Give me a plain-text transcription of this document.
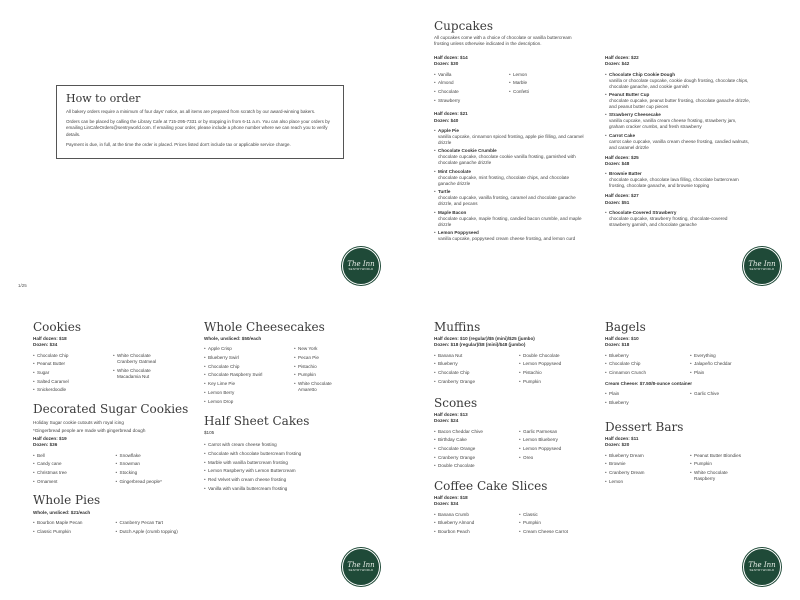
How to order

All bakery orders require a minimum of four days' notice, as all items are prepared from scratch by our award-winning bakers.

Orders can be placed by calling the Library Cafe at 715-295-7331 or by stopping in from 6-11 a.m. You can also place your orders by emailing LinCafeOrders@sentryworld.com. If emailing your order, please include a phone number where we can reach you to verify details.

Payment is due, in full, at the time the order is placed. Prices listed don't include tax or applicable service charge.

1/25
The Inn
SENTRYWORLD
The Inn
SENTRYWORLD
The Inn
SENTRYWORLD
The Inn
SENTRYWORLD
Cupcakes
All cupcakes come with a choice of chocolate or vanilla buttercream frosting unless otherwise indicated in the description.
Half dozen: $14
Dozen: $30
• Vanilla
• Almond
• Chocolate
• Strawberry
• Lemon
• Marble
• Confetti
Half dozen: $21
Dozen: $40
• Apple Pie
vanilla cupcake, cinnamon spiced frosting, apple pie filling, and caramel drizzle
• Chocolate Cookie Crumble
chocolate cupcake, chocolate cookie vanilla frosting, garnished with chocolate ganache drizzle
• Mint Chocolate
chocolate cupcake, mint frosting, chocolate chips, and chocolate ganache drizzle
• Turtle
chocolate cupcake, vanilla frosting, caramel and chocolate ganache drizzle, and pecans
• Maple Bacon
chocolate cupcake, maple frosting, candied bacon crumble, and maple drizzle
• Lemon Poppyseed
vanilla cupcake, poppyseed cream cheese frosting, and lemon curd
Half dozen: $22
Dozen: $42
• Chocolate Chip Cookie Dough
vanilla or chocolate cupcake, cookie dough frosting, chocolate chips, chocolate ganache, and cookie garnish
• Peanut Butter Cup
chocolate cupcake, peanut butter frosting, chocolate ganache drizzle, and peanut butter cup pieces
• Strawberry Cheesecake
vanilla cupcake, vanilla cream cheese frosting, strawberry jam, graham cracker crumbs, and fresh strawberry
• Carrot Cake
carrot cake cupcake, vanilla cream cheese frosting, candied walnuts, and caramel drizzle
Half dozen: $25
Dozen: $48
• Brownie Batter
chocolate cupcake, chocolate lava filling, chocolate buttercream frosting, chocolate ganache, and brownie topping
Half dozen: $27
Dozen: $51
• Chocolate-Covered Strawberry
chocolate cupcake, strawberry frosting, chocolate-covered strawberry garnish, and chocolate ganache
Cookies
Half dozen: $18
Dozen: $34
• Chocolate Chip
• Peanut Butter
• Sugar
• Salted Caramel
• Snickerdoodle
• White Chocolate Cranberry Oatmeal
• White Chocolate Macadamia Nut
Decorated Sugar Cookies
Holiday Sugar cookie cutouts with royal icing
*Gingerbread people are made with gingerbread dough
Half dozen: $19
Dozen: $36
• Bell
• Candy cane
• Christmas tree
• Ornament
• Snowflake
• Snowman
• Stocking
• Gingerbread people*
Whole Pies
Whole, unsliced: $21/each
• Bourbon Maple Pecan
• Classic Pumpkin
• Cranberry Pecan Tart
• Dutch Apple (crumb topping)
Whole Cheesecakes
Whole, unsliced: $50/each
• Apple Crisp
• Blueberry Swirl
• Chocolate Chip
• Chocolate Raspberry Swirl
• Key Lime Pie
• Lemon Berry
• Lemon Drop
• New York
• Pecan Pie
• Pistachio
• Pumpkin
• White Chocolate Amaretto
Half Sheet Cakes
$105
• Carrot with cream cheese frosting
• Chocolate with chocolate buttercream frosting
• Marble with vanilla buttercream frosting
• Lemon Raspberry with Lemon Buttercream
• Red Velvet with cream cheese frosting
• Vanilla with vanilla buttercream frosting
Muffins
Half dozen: $10 (regular)/$5 (mini)/$25 (jumbo)
Dozen: $18 (regular)/$8 (mini)/$48 (jumbo)
• Banana Nut
• Blueberry
• Chocolate Chip
• Cranberry Orange
• Double Chocolate
• Lemon Poppyseed
• Pistachio
• Pumpkin
Scones
Half dozen: $13
Dozen: $24
• Bacon Cheddar Chive
• Birthday Cake
• Chocolate Orange
• Cranberry Orange
• Double Chocolate
• Garlic Parmesan
• Lemon Blueberry
• Lemon Poppyseed
• Oreo
Coffee Cake Slices
Half dozen: $18
Dozen: $34
• Banana Crumb
• Blueberry Almond
• Bourbon Peach
• Classic
• Pumpkin
• Cream Cheese Carrot
Bagels
Half dozen: $10
Dozen: $18
• Blueberry
• Chocolate Chip
• Cinnamon Crunch
• Everything
• Jalapeño Cheddar
• Plain
Cream Cheese: $7.50/8-ounce container
• Plain
• Blueberry
• Garlic Chive
Dessert Bars
Half dozen: $11
Dozen: $20
• Blueberry Dream
• Brownie
• Cranberry Dream
• Lemon
• Peanut Butter Blondies
• Pumpkin
• White Chocolate Raspberry
